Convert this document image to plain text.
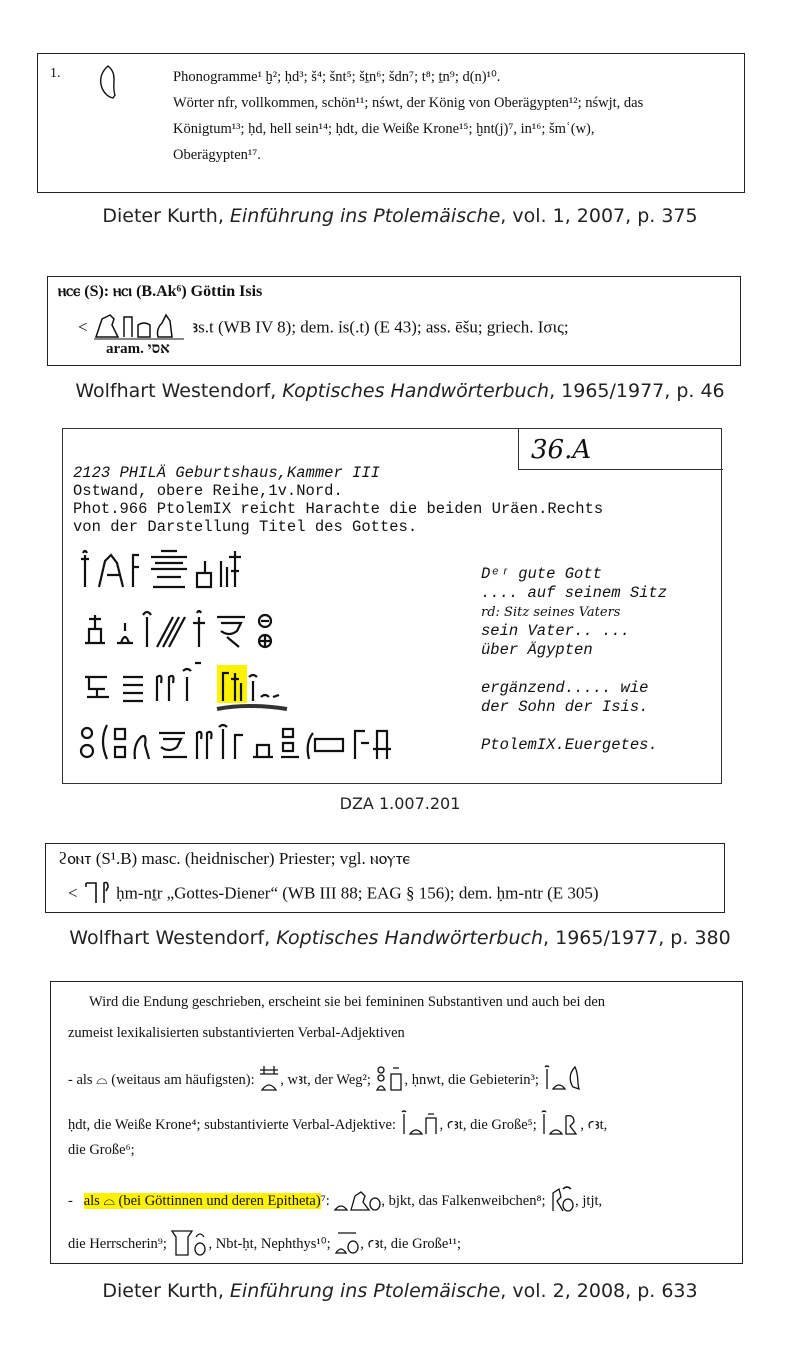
1.	Phonogramme¹ ḫ²; ḥd³; š⁴; šnt⁵; šṯn⁶; šdn⁷; t⁸; ṯn⁹; d(n)¹⁰.
Wörter nfr, vollkommen, schön¹¹; nśwt, der König von Oberägypten¹²; nśwjt, das
Königtum¹³; ḥd, hell sein¹⁴; ḥdt, die Weiße Krone¹⁵; ḫnt(j)⁷, in¹⁶; šmʿ(w),
Oberägypten¹⁷.
Dieter Kurth, Einführung ins Ptolemäische, vol. 1, 2007, p. 375
ⲏⲥⲉ (S): ⲏⲥⲓ (B.Ak⁶) Göttin Isis
<	ꜣs.t (WB IV 8); dem. ỉs(.t) (E 43); ass. ēšu; griech. Ισις;
aram. אסי
Wolfhart Westendorf, Koptisches Handwörterbuch, 1965/1977, p. 46
36.A
2123 PHILÄ Geburtshaus,Kammer III
Ostwand, obere Reihe,1v.Nord.
Phot.966 PtolemIX reicht Harachte die beiden Uräen.Rechts
von der Darstellung Titel des Gottes.
Dᵉʳ gute Gott
.... auf seinem Sitz
rd: Sitz seines Vaters
sein Vater.. ...
über Ägypten
ergänzend..... wie
der Sohn der Isis.
PtolemIX.Euergetes.
DZA 1.007.201
ϩⲟⲛⲧ (S¹.B) masc. (heidnischer) Priester; vgl. ⲛⲟⲩⲧⲉ
< ḥm-nṯr „Gottes-Diener“ (WB III 88; EAG § 156); dem. ḥm-ntr (E 305)
Wolfhart Westendorf, Koptisches Handwörterbuch, 1965/1977, p. 380
Wird die Endung geschrieben, erscheint sie bei femininen Substantiven und auch bei den
zumeist lexikalisierten substantivierten Verbal-Adjektiven
- als ⌓ (weitaus am häufigsten): , wꜣt, der Weg²; , ḥnwt, die Gebieterin³;
ḥdt, die Weiße Krone⁴; substantivierte Verbal-Adjektive:	, ꜥꜣt, die Große⁵;	, ꜥꜣt,
die Große⁶;
-   als ⌓ (bei Göttinnen und deren Epitheta)⁷:	, bjkt, das Falkenweibchen⁸; , jtjt,
die Herrscherin⁹;	, Nbt-ḥt, Nephthys¹⁰; , ꜥꜣt, die Große¹¹;
Dieter Kurth, Einführung ins Ptolemäische, vol. 2, 2008, p. 633
